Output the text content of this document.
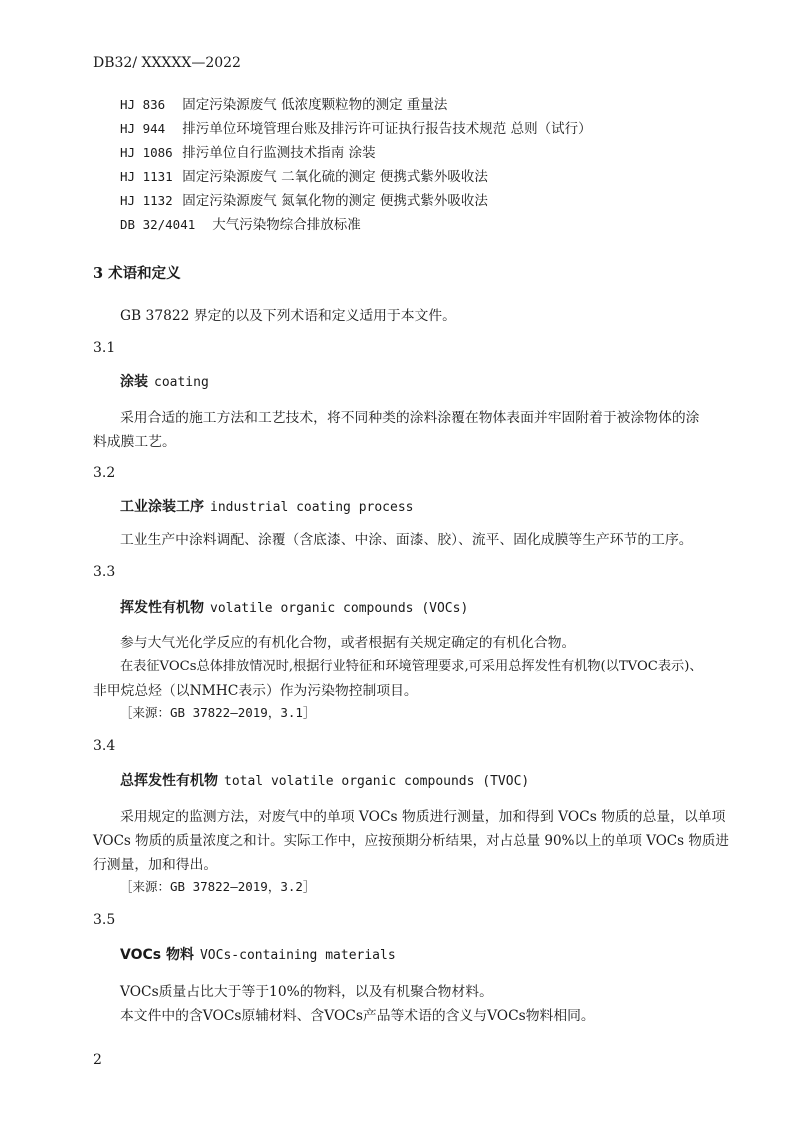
DB32/ XXXXX—2022
HJ 836 固定污染源废气 低浓度颗粒物的测定 重量法
HJ 944 排污单位环境管理台账及排污许可证执行报告技术规范 总则（试行）
HJ 1086 排污单位自行监测技术指南 涂装
HJ 1131 固定污染源废气 二氧化硫的测定 便携式紫外吸收法
HJ 1132 固定污染源废气 氮氧化物的测定 便携式紫外吸收法
DB 32/4041 大气污染物综合排放标准
3 术语和定义
GB 37822 界定的以及下列术语和定义适用于本文件。
3.1
涂装 coating
采用合适的施工方法和工艺技术，将不同种类的涂料涂覆在物体表面并牢固附着于被涂物体的涂
料成膜工艺。
3.2
工业涂装工序 industrial coating process
工业生产中涂料调配、涂覆（含底漆、中涂、面漆、胶）、流平、固化成膜等生产环节的工序。
3.3
挥发性有机物 volatile organic compounds (VOCs)
参与大气光化学反应的有机化合物，或者根据有关规定确定的有机化合物。
在表征VOCs总体排放情况时,根据行业特征和环境管理要求,可采用总挥发性有机物(以TVOC表示)、
非甲烷总烃（以NMHC表示）作为污染物控制项目。
［来源：GB 37822—2019，3.1］
3.4
总挥发性有机物 total volatile organic compounds (TVOC)
采用规定的监测方法，对废气中的单项 VOCs 物质进行测量，加和得到 VOCs 物质的总量，以单项
VOCs 物质的质量浓度之和计。实际工作中，应按预期分析结果，对占总量 90%以上的单项 VOCs 物质进
行测量，加和得出。
［来源：GB 37822—2019，3.2］
3.5
VOCs 物料 VOCs-containing materials
VOCs质量占比大于等于10%的物料，以及有机聚合物材料。
本文件中的含VOCs原辅材料、含VOCs产品等术语的含义与VOCs物料相同。
2
